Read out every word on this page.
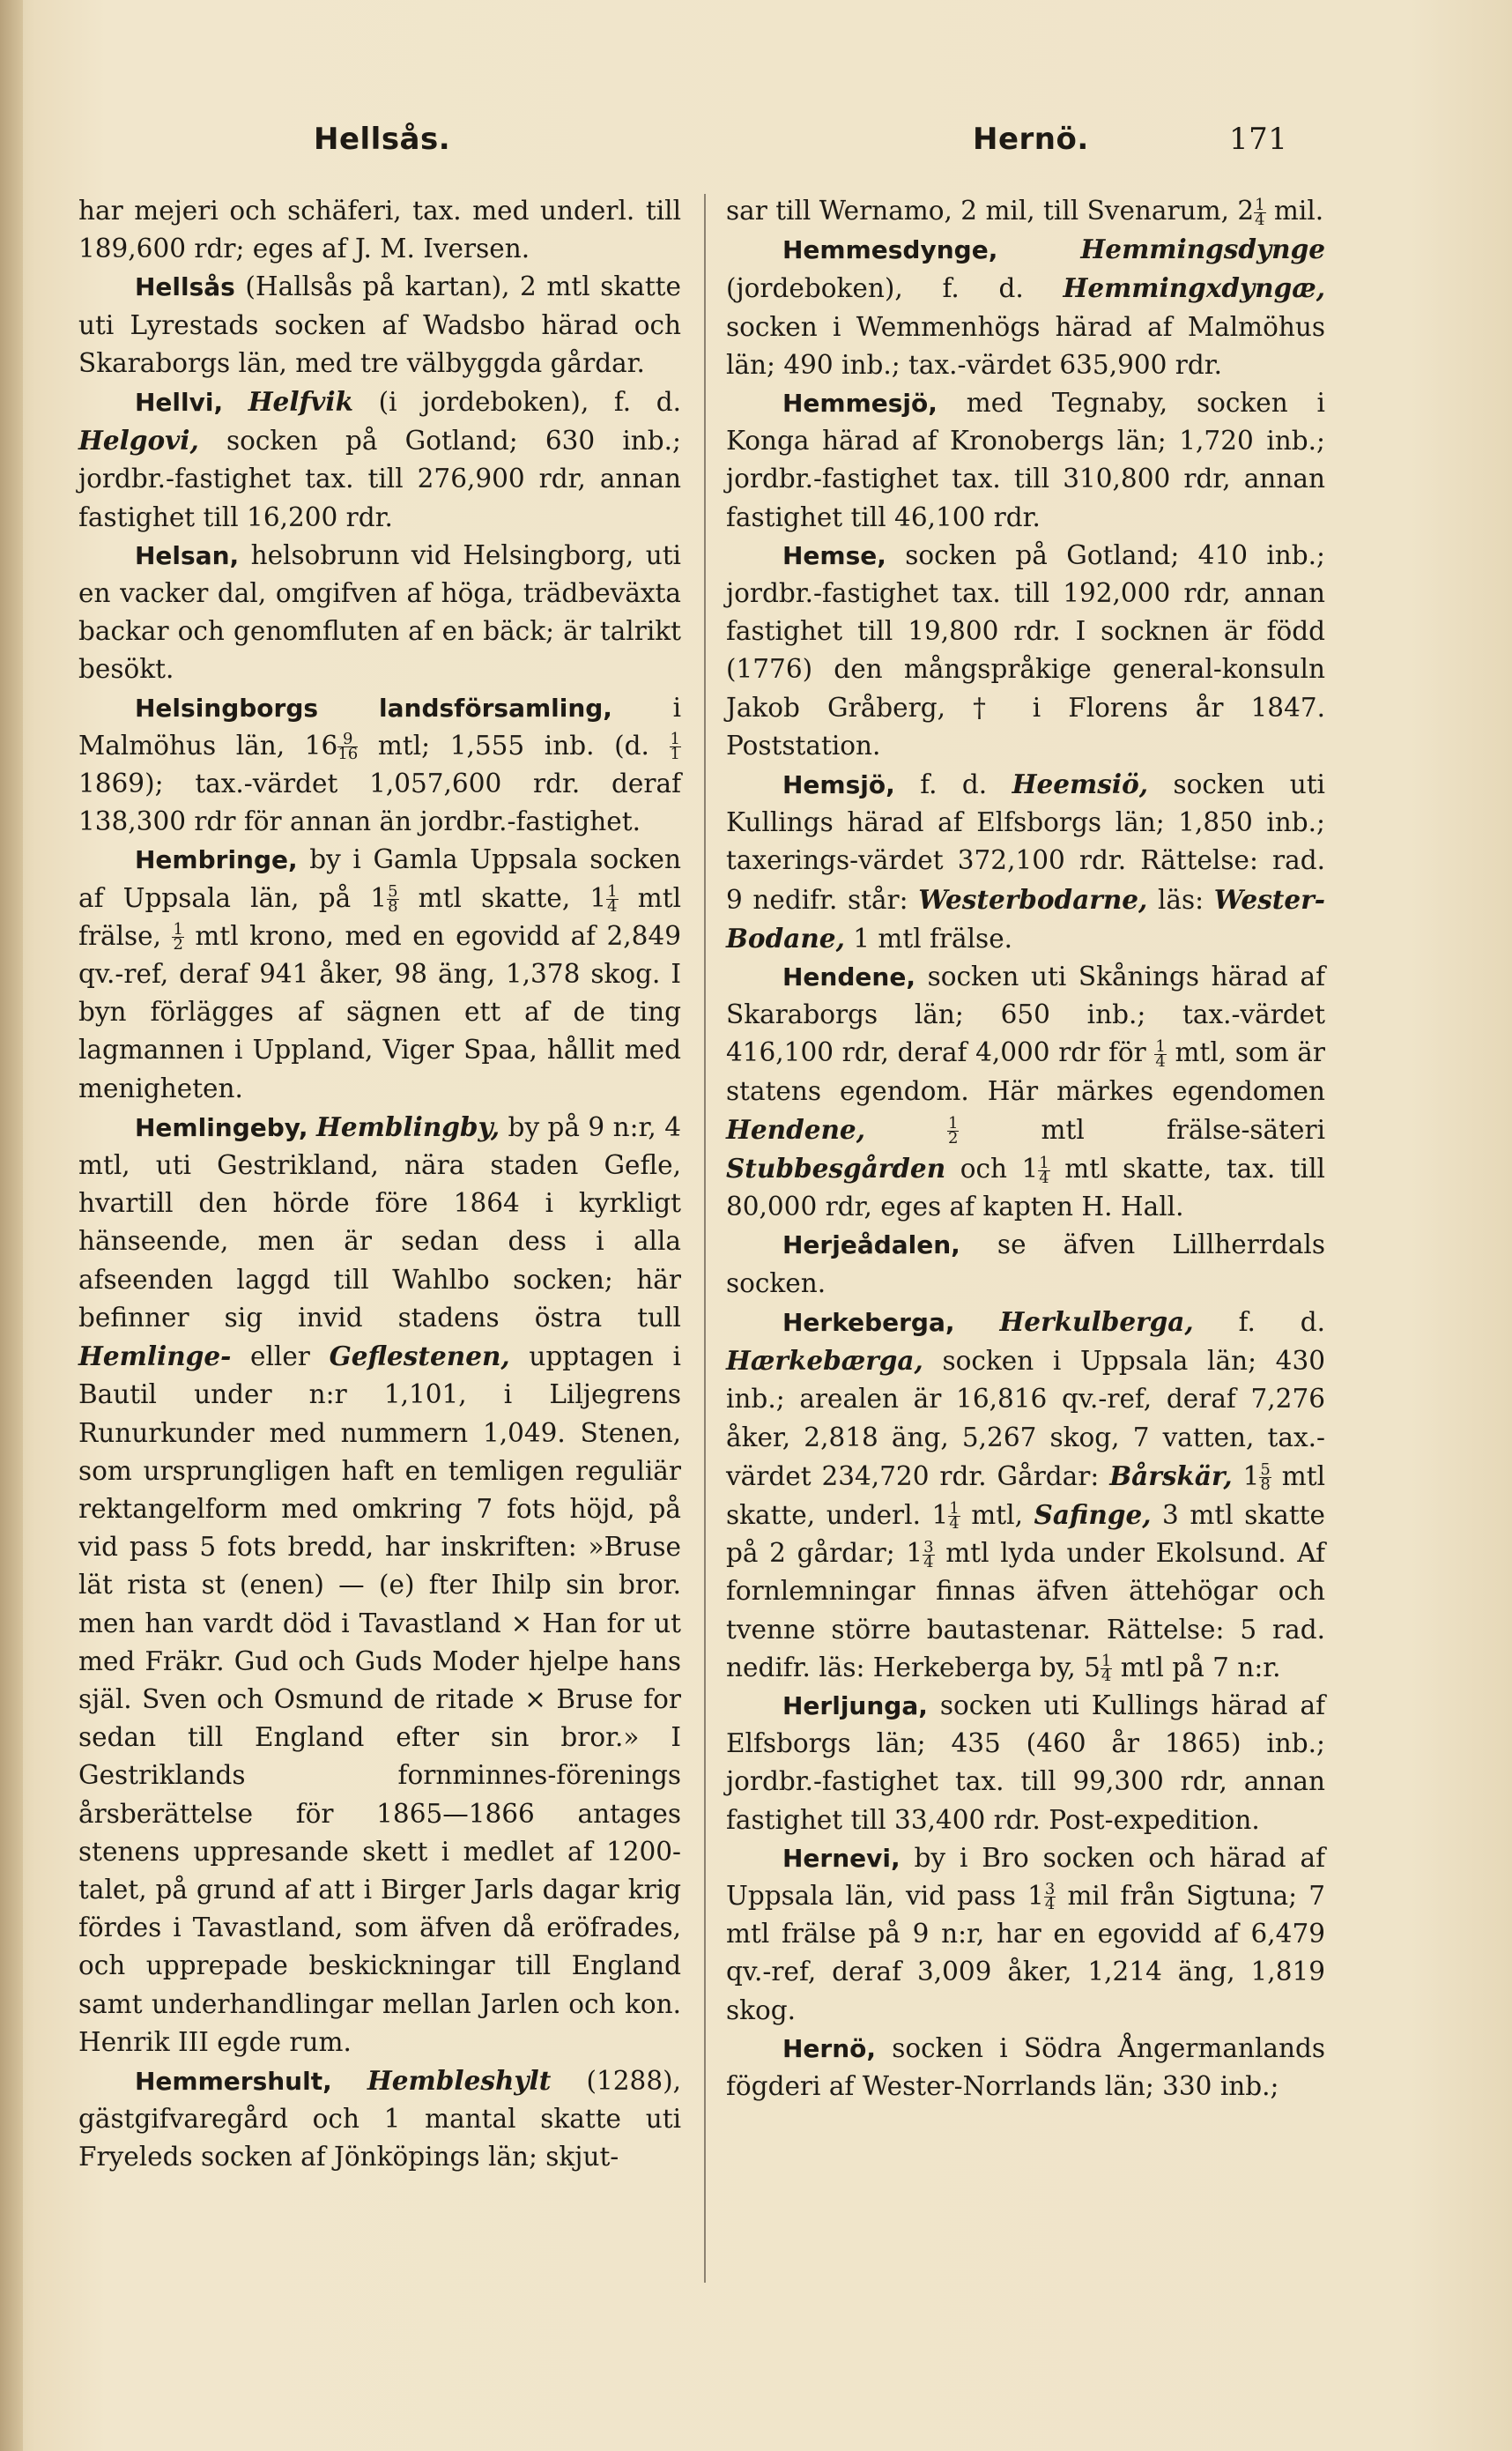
Hellsås.	Hernö.	171

har mejeri och schäferi, tax. med underl. till 189,600 rdr; eges af J. M. Iversen.

Hellsås (Hallsås på kartan), 2 mtl skatte uti Lyrestads socken af Wadsbo härad och Skaraborgs län, med tre välbyggda gårdar.

Hellvi, Helfvik (i jordeboken), f. d. Helgovi, socken på Gotland; 630 inb.; jordbr.-fastighet tax. till 276,900 rdr, annan fastighet till 16,200 rdr.

Helsan, helsobrunn vid Helsingborg, uti en vacker dal, omgifven af höga, trädbeväxta backar och genomfluten af en bäck; är talrikt besökt.

Helsingborgs landsförsamling, i Malmöhus län, $16 \frac{9}{16}$ mtl; 1,555 inb. (d. $\frac{1}{1}$
1869); tax.-värdet 1,057,600 rdr. deraf 138,300 rdr för annan än jordbr.-fastighet.

Hembringe, by i Gamla Uppsala socken af Uppsala län, på $1 \frac{5}{8}$ mtl skatte, $1 \frac{1}{4}$ mtl frälse, $\frac{1}{2}$ mtl krono, med en egovidd af 2,849 qv.-ref, deraf 941 åker, 98 äng, 1,378 skog. I byn förlägges af sägnen ett af de ting lagmannen i Uppland, Viger Spaa, hållit med menigheten.

Hemlingeby, Hemblingby, by på 9 n:r, 4 mtl, uti Gestrikland, nära staden Gefle, hvartill den hörde före 1864 i kyrkligt hänseende, men är sedan dess i alla afseenden laggd till Wahlbo socken; här befinner sig invid stadens östra tull Hemlinge- eller Geflestenen, upptagen i Bautil under n:r 1,101, i Liljegrens Runurkunder med nummern 1,049. Stenen, som ursprungligen haft en temligen reguliär rektangelform med omkring 7 fots höjd, på vid pass 5 fots bredd, har inskriften: »Bruse lät rista st (enen) — (e) fter Ihilp sin bror. men han vardt död i Tavastland × Han for ut med Fräkr. Gud och Guds Moder hjelpe hans själ. Sven och Osmund de ritade × Bruse for sedan till England efter sin bror.» I Gestriklands fornminnes-förenings årsberättelse för 1865—1866 antages stenens uppresande skett i medlet af 1200-talet, på grund af att i Birger Jarls dagar krig fördes i Tavastland, som äfven då eröfrades, och upprepade beskickningar till England samt underhandlingar mellan Jarlen och kon. Henrik III egde rum.

Hemmershult, Hembleshylt (1288), gästgifvaregård och 1 mantal skatte uti Fryeleds socken af Jönköpings län; skjut-

sar till Wernamo, 2 mil, till Svenarum, $2 \frac{1}{4}$ mil.

Hemmesdynge,	Hemmingsdynge (jordeboken), f. d. Hemmingxdyngæ, socken i Wemmenhögs härad af Malmöhus län; 490 inb.; tax.-värdet 635,900 rdr.

Hemmesjö, med Tegnaby, socken i Konga härad af Kronobergs län; 1,720 inb.; jordbr.-fastighet tax. till 310,800 rdr, annan fastighet till 46,100 rdr.

Hemse, socken på Gotland; 410 inb.; jordbr.-fastighet tax. till 192,000 rdr, annan fastighet till 19,800 rdr. I socknen är född (1776) den mångspråkige general-konsuln Jakob Gråberg, † i Florens år 1847. Poststation.

Hemsjö, f. d. Heemsiö, socken uti Kullings härad af Elfsborgs län; 1,850 inb.; taxerings-värdet 372,100 rdr. Rättelse: rad. 9 nedifr. står: Westerbodarne, läs: Wester-Bodane, 1 mtl frälse.

Hendene, socken uti Skånings härad af Skaraborgs län; 650 inb.; tax.-värdet 416,100 rdr, deraf 4,000 rdr för $\frac{1}{4}$ mtl, som är statens egendom. Här märkes egendomen Hendene,	$\frac{1}{2}$ mtl frälse-säteri Stubbesgården och $1 \frac{1}{4}$ mtl skatte, tax. till 80,000 rdr, eges af kapten H. Hall.

Herjeådalen, se äfven Lillherrdals socken.

Herkeberga, Herkulberga, f. d. Hærkebærga, socken i Uppsala län; 430 inb.; arealen är 16,816 qv.-ref, deraf 7,276 åker, 2,818 äng, 5,267 skog, 7 vatten, tax.-värdet 234,720 rdr. Gårdar: Bårskär, $1 \frac{5}{8}$ mtl skatte, underl. $1 \frac{1}{4}$ mtl, Safinge, 3 mtl skatte på 2 gårdar; $1 \frac{3}{4}$ mtl lyda under Ekolsund. Af fornlemningar finnas äfven ättehögar och tvenne större bautastenar. Rättelse: 5 rad. nedifr. läs: Herkeberga by, $5 \frac{1}{4}$ mtl på 7 n:r.

Herljunga, socken uti Kullings härad af Elfsborgs län; 435 (460 år 1865) inb.; jordbr.-fastighet tax. till 99,300 rdr, annan fastighet till 33,400 rdr. Post-expedition.

Hernevi, by i Bro socken och härad af Uppsala län, vid pass $1 \frac{3}{4}$ mil från Sigtuna; 7 mtl frälse på 9 n:r, har en egovidd af 6,479 qv.-ref, deraf 3,009 åker, 1,214 äng, 1,819 skog.

Hernö, socken i Södra Ångermanlands fögderi af Wester-Norrlands län; 330 inb.;
